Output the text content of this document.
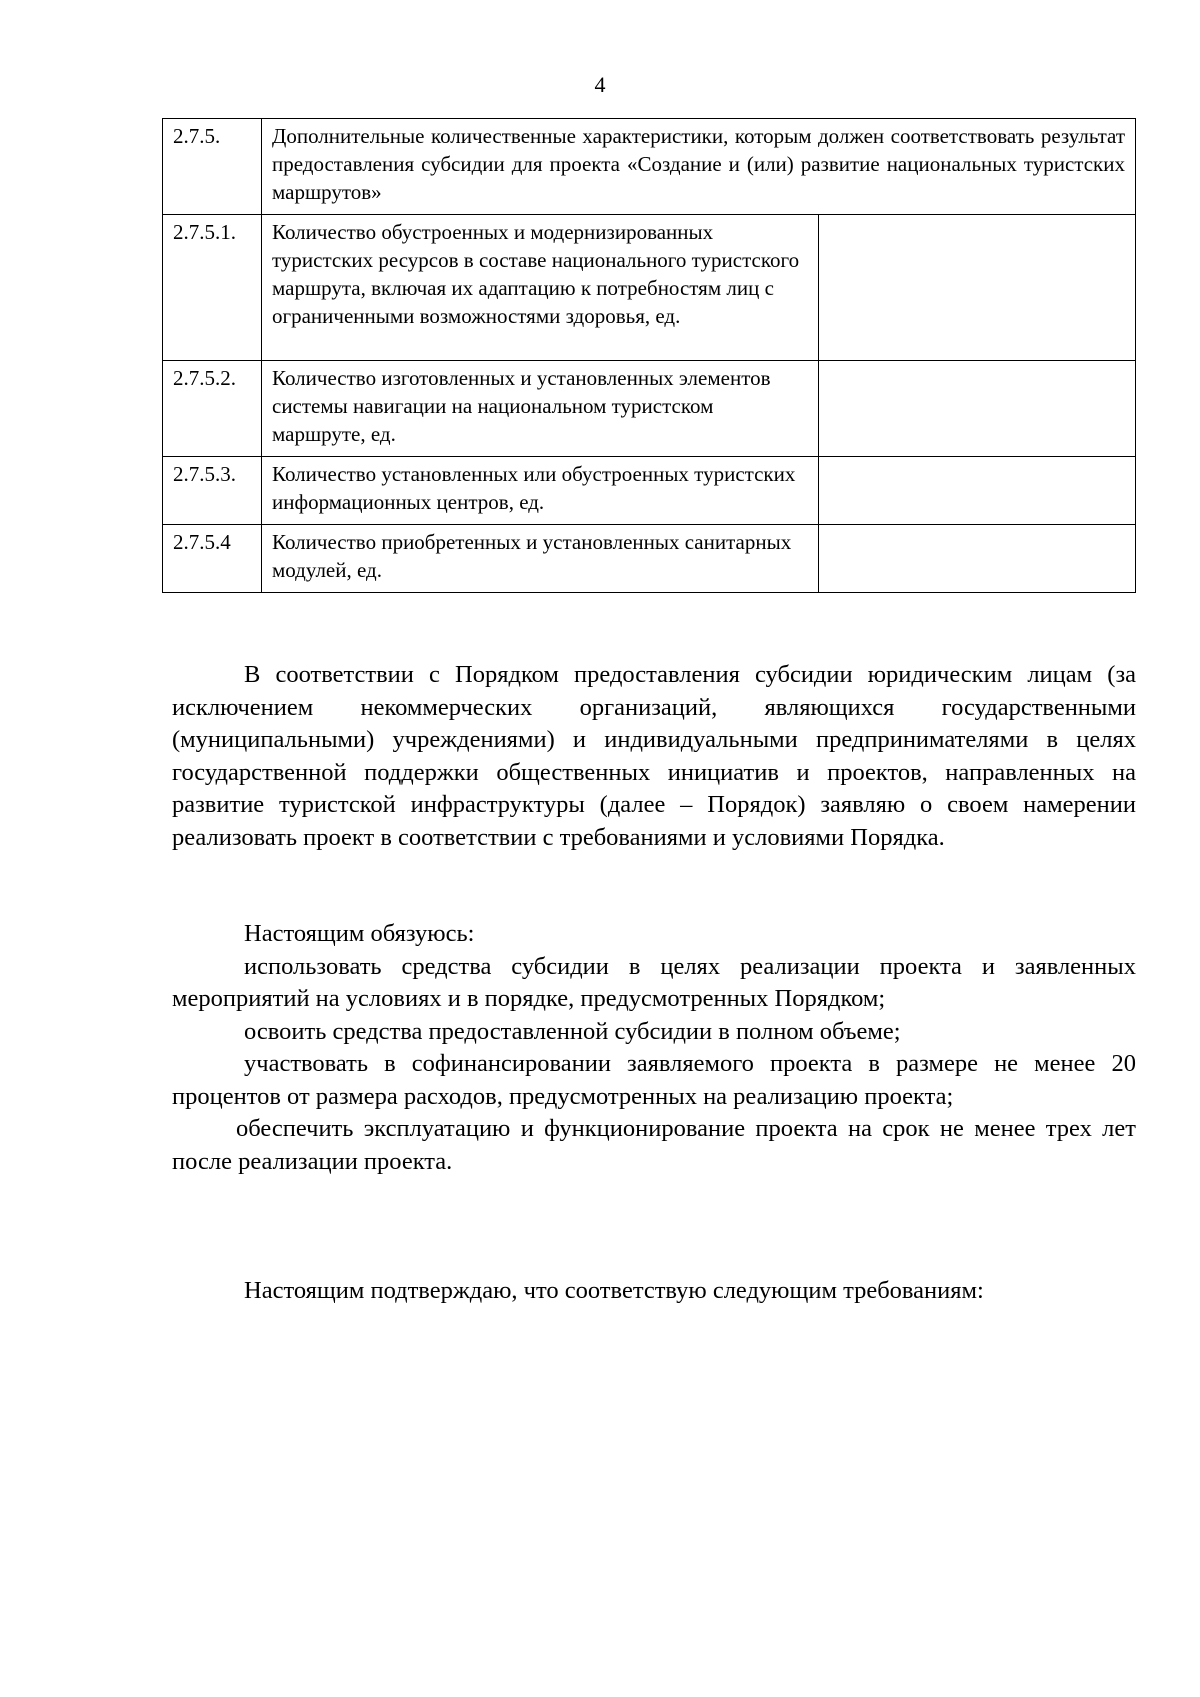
4
2.7.5.	Дополнительные количественные характеристики, которым должен соответствовать результат предоставления субсидии для проекта «Создание и (или) развитие национальных туристских маршрутов»	
2.7.5.1.	Количество обустроенных и модернизированных туристских ресурсов в составе национального туристского маршрута, включая их адаптацию к потребностям лиц с ограниченными возможностями здоровья, ед.	
2.7.5.2.	Количество изготовленных и установленных элементов системы навигации на национальном туристском маршруте, ед.	
2.7.5.3.	Количество установленных или обустроенных туристских информационных центров, ед.	
2.7.5.4	Количество приобретенных и установленных санитарных модулей, ед.	

В соответствии с Порядком предоставления субсидии юридическим лицам (за исключением некоммерческих организаций, являющихся государственными (муниципальными) учреждениями) и индивидуальными предпринимателями в целях государственной поддержки общественных инициатив и проектов, направленных на развитие туристской инфраструктуры (далее – Порядок) заявляю о своем намерении реализовать проект в соответствии с требованиями и условиями Порядка.

Настоящим обязуюсь:

использовать средства субсидии в целях реализации проекта и заявленных мероприятий на условиях и в порядке, предусмотренных Порядком;

освоить средства предоставленной субсидии в полном объеме;

участвовать в софинансировании заявляемого проекта в размере не менее 20 процентов от размера расходов, предусмотренных на реализацию проекта;

обеспечить эксплуатацию и функционирование проекта на срок не менее трех лет после реализации проекта.

Настоящим подтверждаю, что соответствую следующим требованиям:
